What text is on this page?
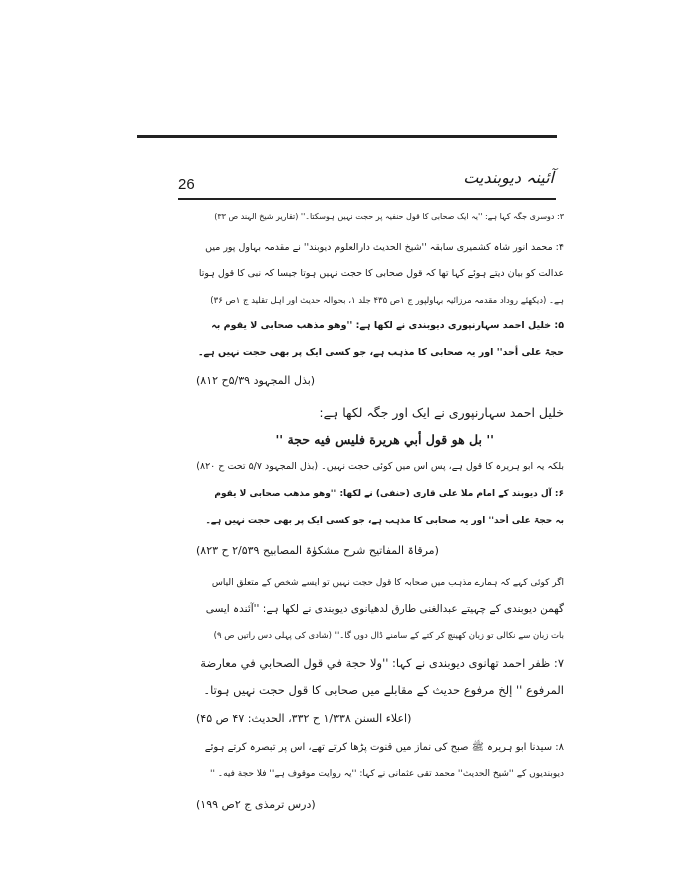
26	آئینہ دیوبندیت
۳: دوسری جگہ کہا ہے: ''یہ ایک صحابی کا قول حنفیہ پر حجت نہیں ہوسکتا۔'' (تقاریر شیخ الہند ص ۳۳)
۴: محمد انور شاہ کشمیری سابقہ ''شیخ الحدیث دارالعلوم دیوبند'' نے مقدمہ بہاول پور میں
عدالت کو بیان دیتے ہوئے کہا تھا کہ قول صحابی کا حجت نہیں ہوتا جیسا کہ نبی کا قول ہوتا
ہے۔ (دیکھئے روداد مقدمہ مرزائیہ بہاولپور ج ۱ص ۴۳۵ جلد ۱، بحوالہ حدیث اور اہل تقلید ج ۱ص ۳۶)
۵: خلیل احمد سہارنپوری دیوبندی نے لکھا ہے: ''وھو مذھب صحابی لا یقوم بہ
حجۃ علی أحد'' اور یہ صحابی کا مذہب ہے، جو کسی ایک پر بھی حجت نہیں ہے۔
(بذل المجہود ۵/۳۹ح ۸۱۲)
خلیل احمد سہارنپوری نے ایک اور جگہ لکھا ہے:
'' بل ھو قول أبي ھريرة فليس فيه حجة ''
بلکہ یہ ابو ہریرہ کا قول ہے، پس اس میں کوئی حجت نہیں۔ (بذل المجہود ۵/۷ تحت ح ۸۲۰)
۶: آل دیوبند کے امام ملا علی قاری (حنفی) نے لکھا: ''وھو مذھب صحابی لا یقوم
بہ حجۃ علی أحد'' اور یہ صحابی کا مذہب ہے، جو کسی ایک پر بھی حجت نہیں ہے۔
(مرقاۃ المفاتیح شرح مشکوٰۃ المصابیح ۲/۵۳۹ ح ۸۲۳)
اگر کوئی کہے کہ ہمارے مذہب میں صحابہ کا قول حجت نہیں تو ایسے شخص کے متعلق الیاس
گھمن دیوبندی کے چہیتے عبدالغنی طارق لدھیانوی دیوبندی نے لکھا ہے: ''آئندہ ایسی
بات زبان سے نکالی تو زبان کھینچ کر کتے کے سامنے ڈال دوں گا۔'' (شادی کی پہلی دس راتیں ص ۹)
۷: ظفر احمد تھانوی دیوبندی نے کہا: ''ولا حجة في قول الصحابي في معارضة
المرفوع '' إلخ مرفوع حدیث کے مقابلے میں صحابی کا قول حجت نہیں ہوتا۔
(اعلاء السنن ۱/۳۳۸ ح ۳۳۲، الحدیث: ۴۷ ص ۴۵)
۸: سیدنا ابو ہریرہ ﷺ صبح کی نماز میں قنوت پڑھا کرتے تھے، اس پر تبصرہ کرتے ہوئے
دیوبندیوں کے ''شیخ الحدیث'' محمد تقی عثمانی نے کہا: ''یہ روایت موقوف ہے'' فلا حجة فيه۔ ''
(درس ترمذی ج ۲ص ۱۹۹)
